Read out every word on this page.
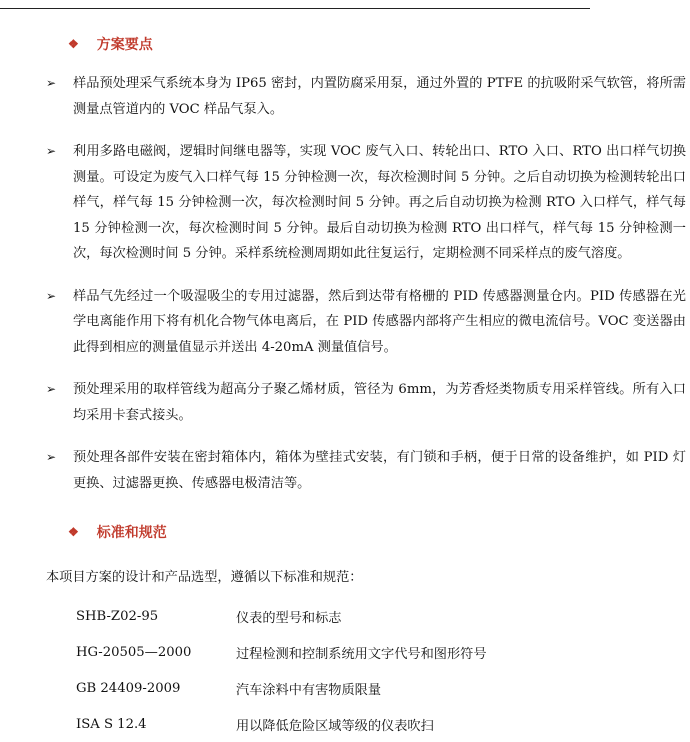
❖ 方案要点
➢	样品预处理采气系统本身为 IP65 密封，内置防腐采用泵，通过外置的 PTFE 的抗吸附采气软管，将所需测量点管道内的 VOC 样品气泵入。
➢	利用多路电磁阀，逻辑时间继电器等，实现 VOC 废气入口、转轮出口、RTO 入口、RTO 出口样气切换测量。可设定为废气入口样气每 15 分钟检测一次，每次检测时间 5 分钟。之后自动切换为检测转轮出口样气，样气每 15 分钟检测一次，每次检测时间 5 分钟。再之后自动切换为检测 RTO 入口样气，样气每 15 分钟检测一次，每次检测时间 5 分钟。最后自动切换为检测 RTO 出口样气，样气每 15 分钟检测一次，每次检测时间 5 分钟。采样系统检测周期如此往复运行，定期检测不同采样点的废气溶度。
➢	样品气先经过一个吸湿吸尘的专用过滤器，然后到达带有格栅的 PID 传感器测量仓内。PID 传感器在光学电离能作用下将有机化合物气体电离后，在 PID 传感器内部将产生相应的微电流信号。VOC 变送器由此得到相应的测量值显示并送出 4-20mA 测量值信号。
➢	预处理采用的取样管线为超高分子聚乙烯材质，管径为 6mm，为芳香烃类物质专用采样管线。所有入口均采用卡套式接头。
➢	预处理各部件安装在密封箱体内，箱体为壁挂式安装，有门锁和手柄，便于日常的设备维护，如 PID 灯更换、过滤器更换、传感器电极清洁等。
❖ 标准和规范
本项目方案的设计和产品选型，遵循以下标准和规范：
SHB-Z02-95	仪表的型号和标志
HG-20505—2000	过程检测和控制系统用文字代号和图形符号
GB 24409-2009	汽车涂料中有害物质限量
ISA S 12.4	用以降低危险区域等级的仪表吹扫
